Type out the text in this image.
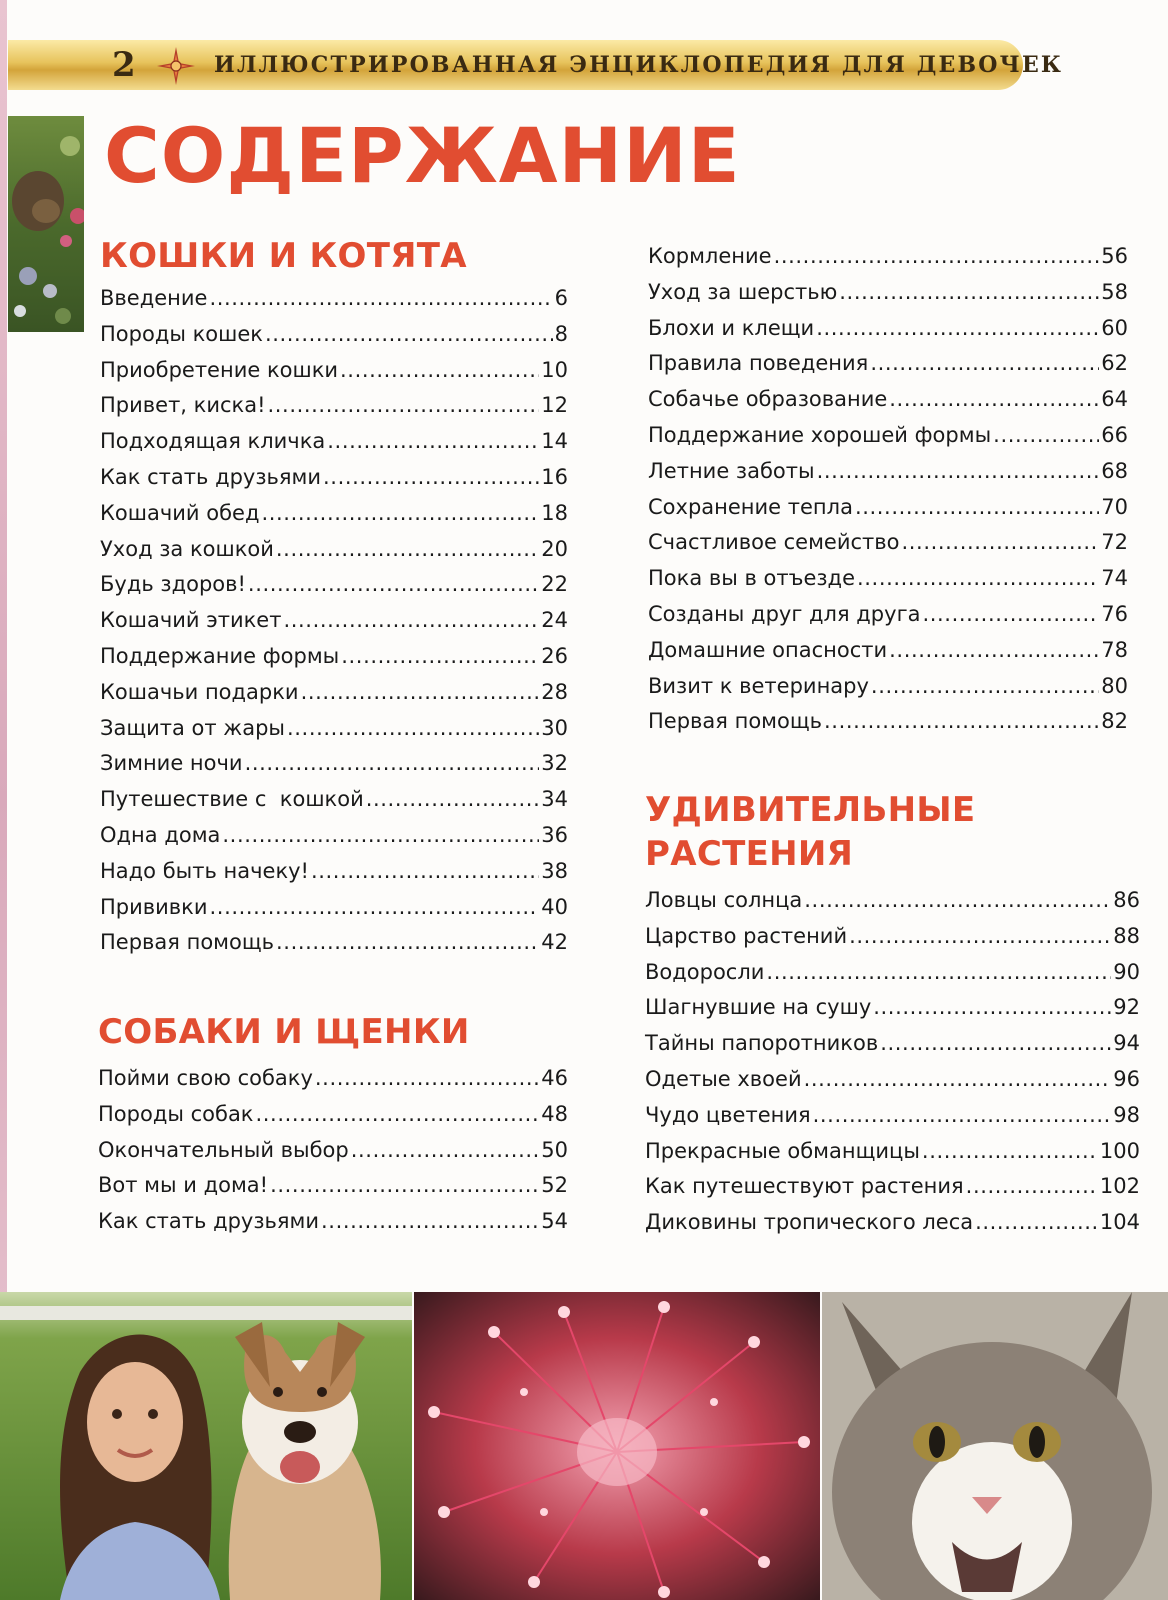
2	ИЛЛЮСТРИРОВАННАЯ ЭНЦИКЛОПЕДИЯ ДЛЯ ДЕВОЧЕК
СОДЕРЖАНИЕ
КОШКИ И КОТЯТА
Введение .....	6
Породы кошек .....	8
Приобретение кошки .....	10
Привет, киска! .....	12
Подходящая кличка .....	14
Как стать друзьями .....	16
Кошачий обед .....	18
Уход за кошкой .....	20
Будь здоров! .....	22
Кошачий этикет .....	24
Поддержание формы .....	26
Кошачьи подарки .....	28
Защита от жары .....	30
Зимние ночи .....	32
Путешествие с  кошкой .....	34
Одна дома .....	36
Надо быть начеку! .....	38
Прививки .....	40
Первая помощь .....	42
СОБАКИ И ЩЕНКИ
Пойми свою собаку .....	46
Породы собак .....	48
Окончательный выбор .....	50
Вот мы и дома! .....	52
Как стать друзьями .....	54
Кормление .....	56
Уход за шерстью .....	58
Блохи и клещи .....	60
Правила поведения .....	62
Собачье образование .....	64
Поддержание хорошей формы .....	66
Летние заботы .....	68
Сохранение тепла .....	70
Счастливое семейство .....	72
Пока вы в отъезде .....	74
Созданы друг для друга .....	76
Домашние опасности .....	78
Визит к ветеринару .....	80
Первая помощь .....	82
УДИВИТЕЛЬНЫЕ
РАСТЕНИЯ
Ловцы солнца .....	86
Царство растений .....	88
Водоросли .....	90
Шагнувшие на сушу .....	92
Тайны папоротников .....	94
Одетые хвоей .....	96
Чудо цветения .....	98
Прекрасные обманщицы .....	100
Как путешествуют растения .....	102
Диковины тропического леса .....	104
